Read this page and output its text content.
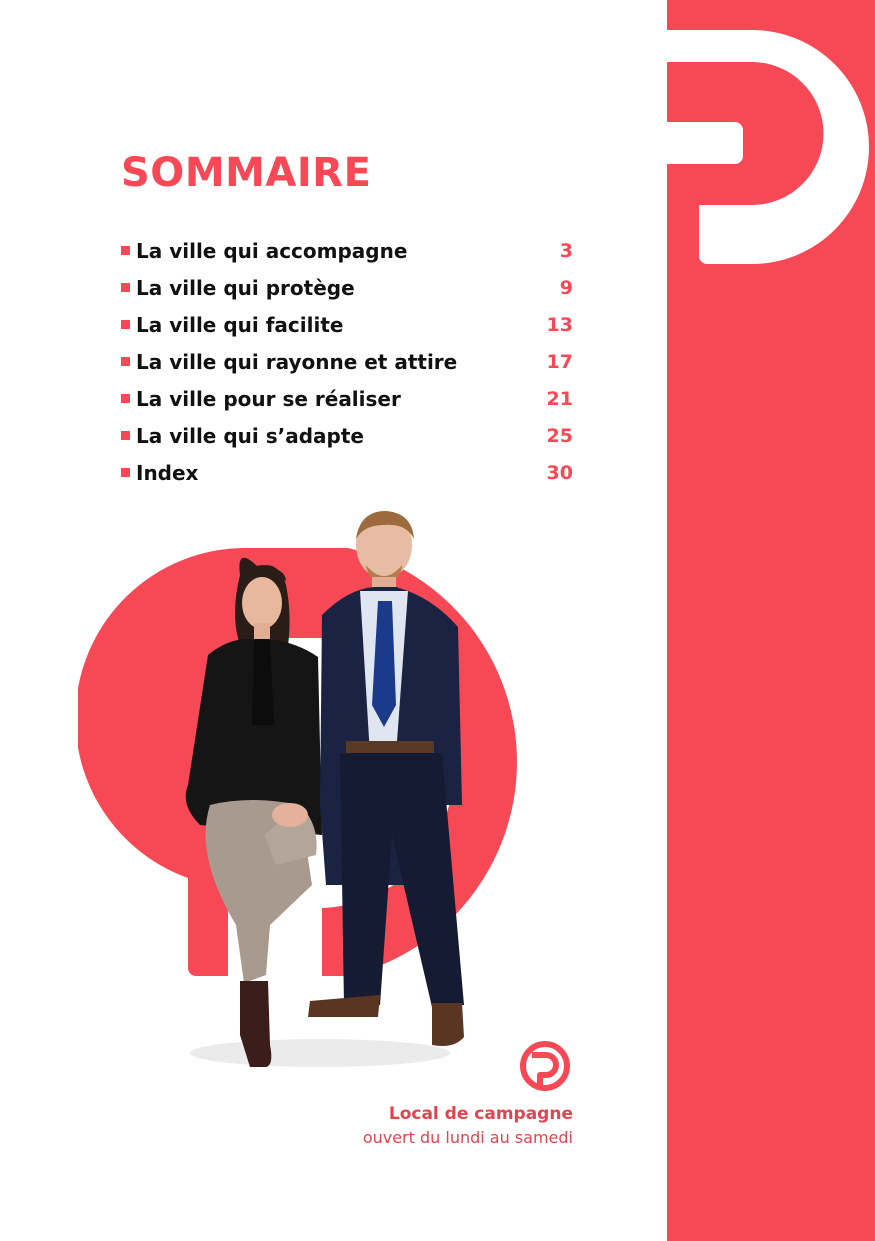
SOMMAIRE
La ville qui accompagne	3
La ville qui protège	9
La ville qui facilite	13
La ville qui rayonne et attire	17
La ville pour se réaliser	21
La ville qui s’adapte	25
Index	30
Local de campagne
ouvert du lundi au samedi
